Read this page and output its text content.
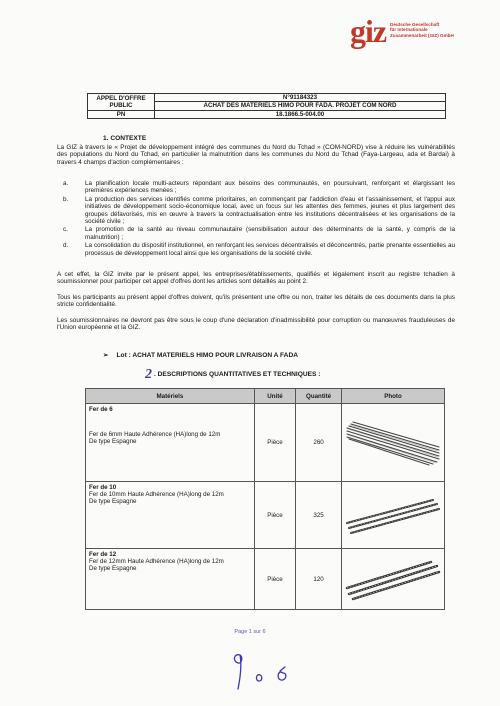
giz Deutsche Gesellschaft
für Internationale
Zusammenarbeit (GIZ) GmbH
APPEL D'OFFRE PUBLIC	N°91184323
	ACHAT DES MATERIELS HIMO POUR FADA. PROJET COM NORD
PN	18.1866.5-004.00
1. CONTEXTE
La GIZ à travers le « Projet de développement intégré des communes du Nord du Tchad » (COM-NORD) vise à réduire les vulnérabilités des populations du Nord du Tchad, en particulier la malnutrition dans les communes du Nord du Tchad (Faya-Largeau, ada et Bardai) à travers 4 champs d'action complémentaires :
a.	La planification locale multi-acteurs répondant aux besoins des communautés, en poursuivant, renforçant et élargissant les premières expériences menées ;
b.	La production des services identifiés comme prioritaires, en commençant par l'addiction d'eau et l'assainissement, et l'appui aux initiatives de développement socio-économique local, avec un focus sur les attentes des femmes, jeunes et plus largement des groupes défavorisés, mis en œuvre à travers la contractualisation entre les institutions décentralisées et les organisations de la société civile ;
c.	La promotion de la santé au niveau communautaire (sensibilisation autour des déterminants de la santé, y compris de la malnutrition) ;
d.	La consolidation du dispositif institutionnel, en renforçant les services décentralisés et déconcentrés, partie prenante essentielles au processus de développement local ainsi que les organisations de la société civile.
A cet effet, la GIZ invite par le présent appel, les entreprises/établissements, qualifiés et légalement inscrit au registre tchadien à soumissionner pour participer cet appel d'offres dont les articles sont détaillés au point 2.
Tous les participants au présent appel d'offres doivent, qu'ils présentent une offre ou non, traiter les détails de ces documents dans la plus stricte confidentialité.
Les soumissionnaires ne devront pas être sous le coup d'une déclaration d'inadmissibilité pour corruption ou manœuvres frauduleuses de l'Union européenne et la GIZ.
➢ Lot : ACHAT MATERIELS HIMO POUR LIVRAISON A FADA
2 . DESCRIPTIONS QUANTITATIVES ET TECHNIQUES :
Matériels	Unité	Quantité	Photo

Fer de 6
Fer de 6mm Haute Adhérence (HA)long de 12m
De type Espagne	Pièce	260	

Fer de 10
Fer de 10mm Haute Adhérence (HA)long de 12m
De type Espagne	Pièce	325	

Fer de 12
Fer de 12mm Haute Adhérence (HA)long de 12m
De type Espagne	Pièce	120	
Page 1 sur 6
